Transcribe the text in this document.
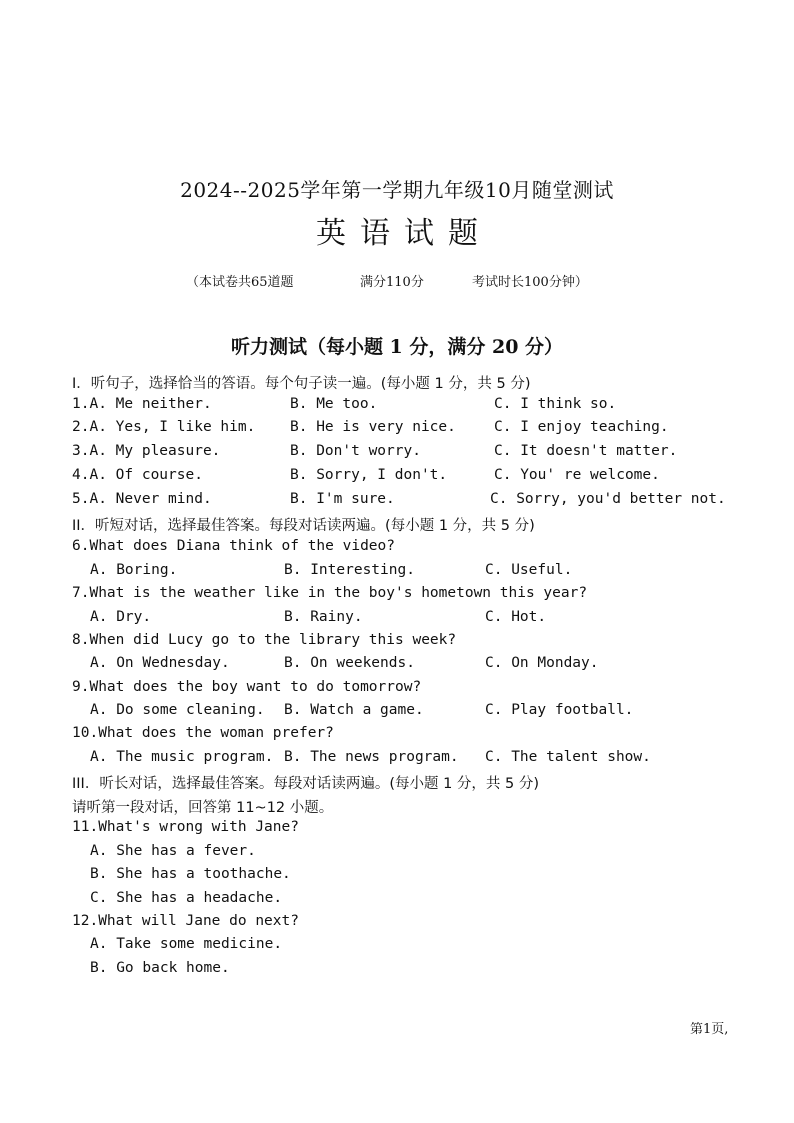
2024--2025学年第一学期九年级10月随堂测试
英语试题
（本试卷共65道题	满分110分	考试时长100分钟）
听力测试（每小题 1 分，满分 20 分）
I．听句子，选择恰当的答语。每个句子读一遍。(每小题 1 分，共 5 分)
1.A. Me neither.	B. Me too.	C. I think so.
2.A. Yes, I like him. B. He is very nice.	C. I enjoy teaching.
3.A. My pleasure.	B. Don't worry.	C. It doesn't matter.
4.A. Of course.	B. Sorry, I don't.	C. You' re welcome.
5.A. Never mind.	B. I'm sure.	C. Sorry, you'd better not.
II．听短对话，选择最佳答案。每段对话读两遍。(每小题 1 分，共 5 分)
6.What does Diana think of the video?
A. Boring.	B. Interesting.	C. Useful.
7.What is the weather like in the boy's hometown this year?
A. Dry.	B. Rainy.	C. Hot.
8.When did Lucy go to the library this week?
A. On Wednesday.	B. On weekends.	C. On Monday.
9.What does the boy want to do tomorrow?
A. Do some cleaning. B. Watch a game.	C. Play football.
10.What does the woman prefer?
A. The music program. B. The news program. C. The talent show.
III．听长对话，选择最佳答案。每段对话读两遍。(每小题 1 分，共 5 分)
请听第一段对话，回答第 11~12 小题。
11.What's wrong with Jane?
A. She has a fever.
B. She has a toothache.
C. She has a headache.
12.What will Jane do next?
A. Take some medicine.
B. Go back home.
第1页,
